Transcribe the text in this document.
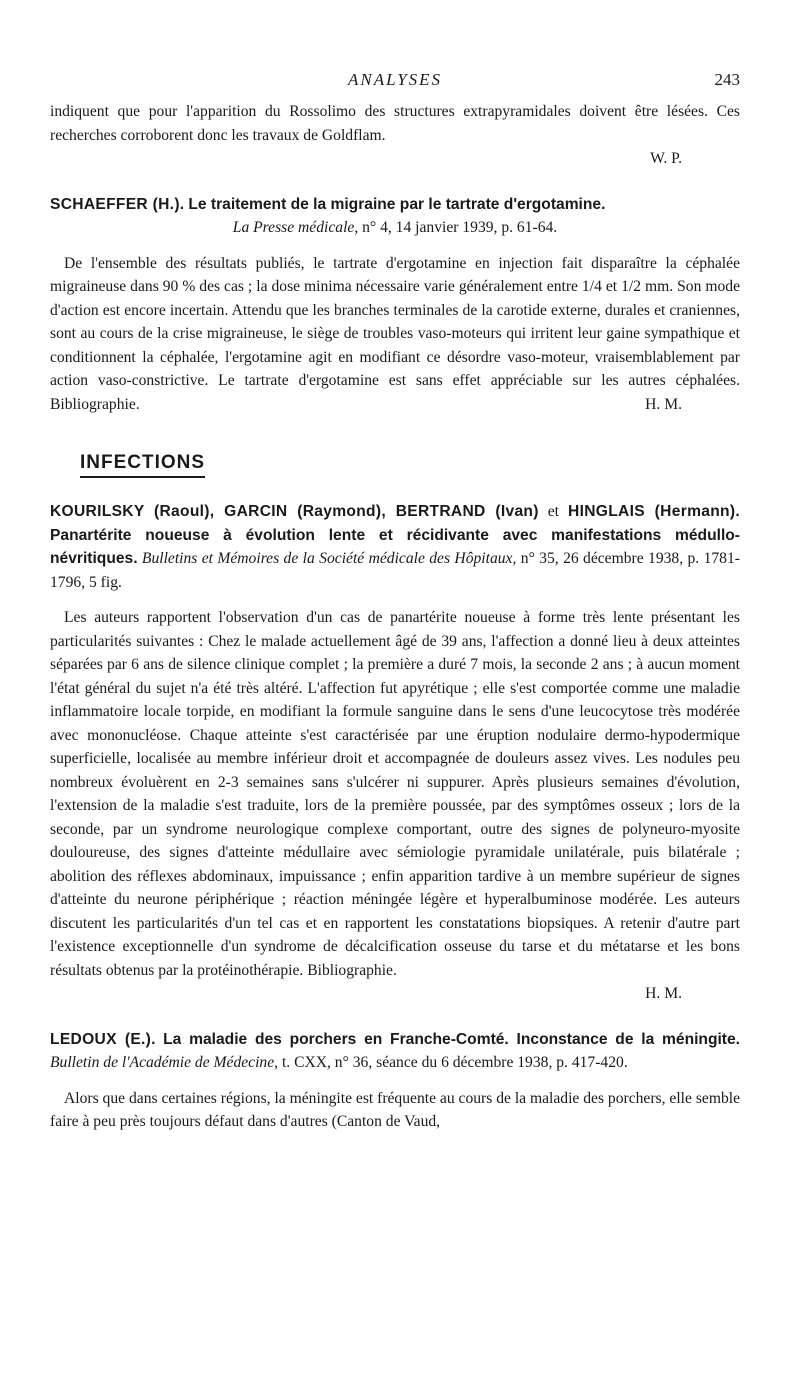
ANALYSES	243

indiquent que pour l'apparition du Rossolimo des structures extrapyramidales doivent être lésées. Ces recherches corroborent donc les travaux de Goldflam.

W. P.
SCHAEFFER (H.). Le traitement de la migraine par le tartrate d'ergotamine.
La Presse médicale, n° 4, 14 janvier 1939, p. 61-64.

De l'ensemble des résultats publiés, le tartrate d'ergotamine en injection fait disparaître la céphalée migraineuse dans 90 % des cas ; la dose minima nécessaire varie généralement entre 1/4 et 1/2 mm. Son mode d'action est encore incertain. Attendu que les branches terminales de la carotide externe, durales et craniennes, sont au cours de la crise migraineuse, le siège de troubles vaso-moteurs qui irritent leur gaine sympathique et conditionnent la céphalée, l'ergotamine agit en modifiant ce désordre vaso-moteur, vraisemblablement par action vaso-constrictive. Le tartrate d'ergotamine est sans effet appréciable sur les autres céphalées. Bibliographie.	H. M.
INFECTIONS
KOURILSKY (Raoul), GARCIN (Raymond), BERTRAND (Ivan) et HINGLAIS (Hermann). Panartérite noueuse à évolution lente et récidivante avec manifestations médullo-névritiques. Bulletins et Mémoires de la Société médicale des Hôpitaux, n° 35, 26 décembre 1938, p. 1781-1796, 5 fig.

Les auteurs rapportent l'observation d'un cas de panartérite noueuse à forme très lente présentant les particularités suivantes : Chez le malade actuellement âgé de 39 ans, l'affection a donné lieu à deux atteintes séparées par 6 ans de silence clinique complet ; la première a duré 7 mois, la seconde 2 ans ; à aucun moment l'état général du sujet n'a été très altéré. L'affection fut apyrétique ; elle s'est comportée comme une maladie inflammatoire locale torpide, en modifiant la formule sanguine dans le sens d'une leucocytose très modérée avec mononucléose. Chaque atteinte s'est caractérisée par une éruption nodulaire dermo-hypodermique superficielle, localisée au membre inférieur droit et accompagnée de douleurs assez vives. Les nodules peu nombreux évoluèrent en 2-3 semaines sans s'ulcérer ni suppurer. Après plusieurs semaines d'évolution, l'extension de la maladie s'est traduite, lors de la première poussée, par des symptômes osseux ; lors de la seconde, par un syndrome neurologique complexe comportant, outre des signes de polyneuro-myosite douloureuse, des signes d'atteinte médullaire avec sémiologie pyramidale unilatérale, puis bilatérale ; abolition des réflexes abdominaux, impuissance ; enfin apparition tardive à un membre supérieur de signes d'atteinte du neurone périphérique ; réaction méningée légère et hyperalbuminose modérée. Les auteurs discutent les particularités d'un tel cas et en rapportent les constatations biopsiques. A retenir d'autre part l'existence exceptionnelle d'un syndrome de décalcification osseuse du tarse et du métatarse et les bons résultats obtenus par la protéinothérapie. Bibliographie.

H. M.
LEDOUX (E.). La maladie des porchers en Franche-Comté. Inconstance de la méningite. Bulletin de l'Académie de Médecine, t. CXX, n° 36, séance du 6 décembre 1938, p. 417-420.

Alors que dans certaines régions, la méningite est fréquente au cours de la maladie des porchers, elle semble faire à peu près toujours défaut dans d'autres (Canton de Vaud,
